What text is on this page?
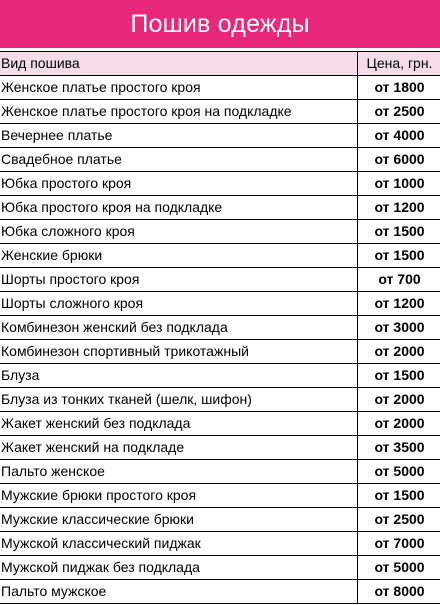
Пошив одежды
Вид пошива	Цена, грн.
Женское платье простого кроя	от 1800
Женское платье простого кроя на подкладке	от 2500
Вечернее платье	от 4000
Свадебное платье	от 6000
Юбка простого кроя	от 1000
Юбка простого кроя на подкладке	от 1200
Юбка сложного кроя	от 1500
Женские брюки	от 1500
Шорты простого кроя	от 700
Шорты сложного кроя	от 1200
Комбинезон женский без подклада	от 3000
Комбинезон спортивный трикотажный	от 2000
Блуза	от 1500
Блуза из тонких тканей (шелк, шифон)	от 2000
Жакет женский без подклада	от 2000
Жакет женский на подкладе	от 3500
Пальто женское	от 5000
Мужские брюки простого кроя	от 1500
Мужские классические брюки	от 2500
Мужской классический пиджак	от 7000
Мужской пиджак без подклада	от 5000
Пальто мужское	от 8000
